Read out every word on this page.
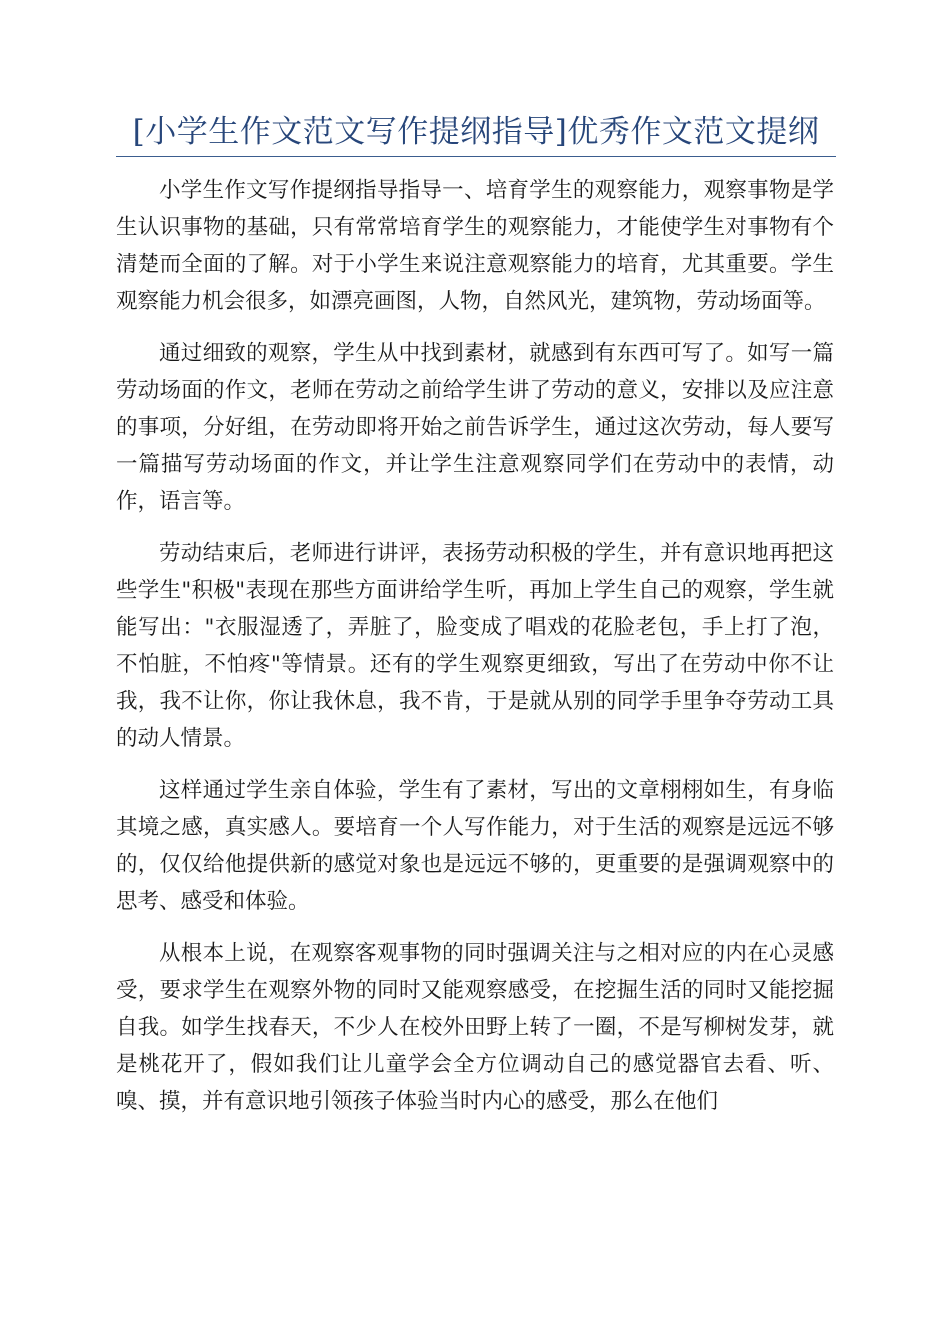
[小学生作文范文写作提纲指导]优秀作文范文提纲

小学生作文写作提纲指导指导一、培育学生的观察能力，观察事物是学生认识事物的基础，只有常常培育学生的观察能力，才能使学生对事物有个清楚而全面的了解。对于小学生来说注意观察能力的培育，尤其重要。学生观察能力机会很多，如漂亮画图，人物，自然风光，建筑物，劳动场面等。

通过细致的观察，学生从中找到素材，就感到有东西可写了。如写一篇劳动场面的作文，老师在劳动之前给学生讲了劳动的意义，安排以及应注意的事项，分好组，在劳动即将开始之前告诉学生，通过这次劳动，每人要写一篇描写劳动场面的作文，并让学生注意观察同学们在劳动中的表情，动作，语言等。

劳动结束后，老师进行讲评，表扬劳动积极的学生，并有意识地再把这些学生"积极"表现在那些方面讲给学生听，再加上学生自己的观察，学生就能写出："衣服湿透了，弄脏了，脸变成了唱戏的花脸老包，手上打了泡，不怕脏，不怕疼"等情景。还有的学生观察更细致，写出了在劳动中你不让我，我不让你，你让我休息，我不肯，于是就从别的同学手里争夺劳动工具的动人情景。

这样通过学生亲自体验，学生有了素材，写出的文章栩栩如生，有身临其境之感，真实感人。要培育一个人写作能力，对于生活的观察是远远不够的，仅仅给他提供新的感觉对象也是远远不够的，更重要的是强调观察中的思考、感受和体验。

从根本上说，在观察客观事物的同时强调关注与之相对应的内在心灵感受，要求学生在观察外物的同时又能观察感受，在挖掘生活的同时又能挖掘自我。如学生找春天，不少人在校外田野上转了一圈，不是写柳树发芽，就是桃花开了，假如我们让儿童学会全方位调动自己的感觉器官去看、听、嗅、摸，并有意识地引领孩子体验当时内心的感受，那么在他们
